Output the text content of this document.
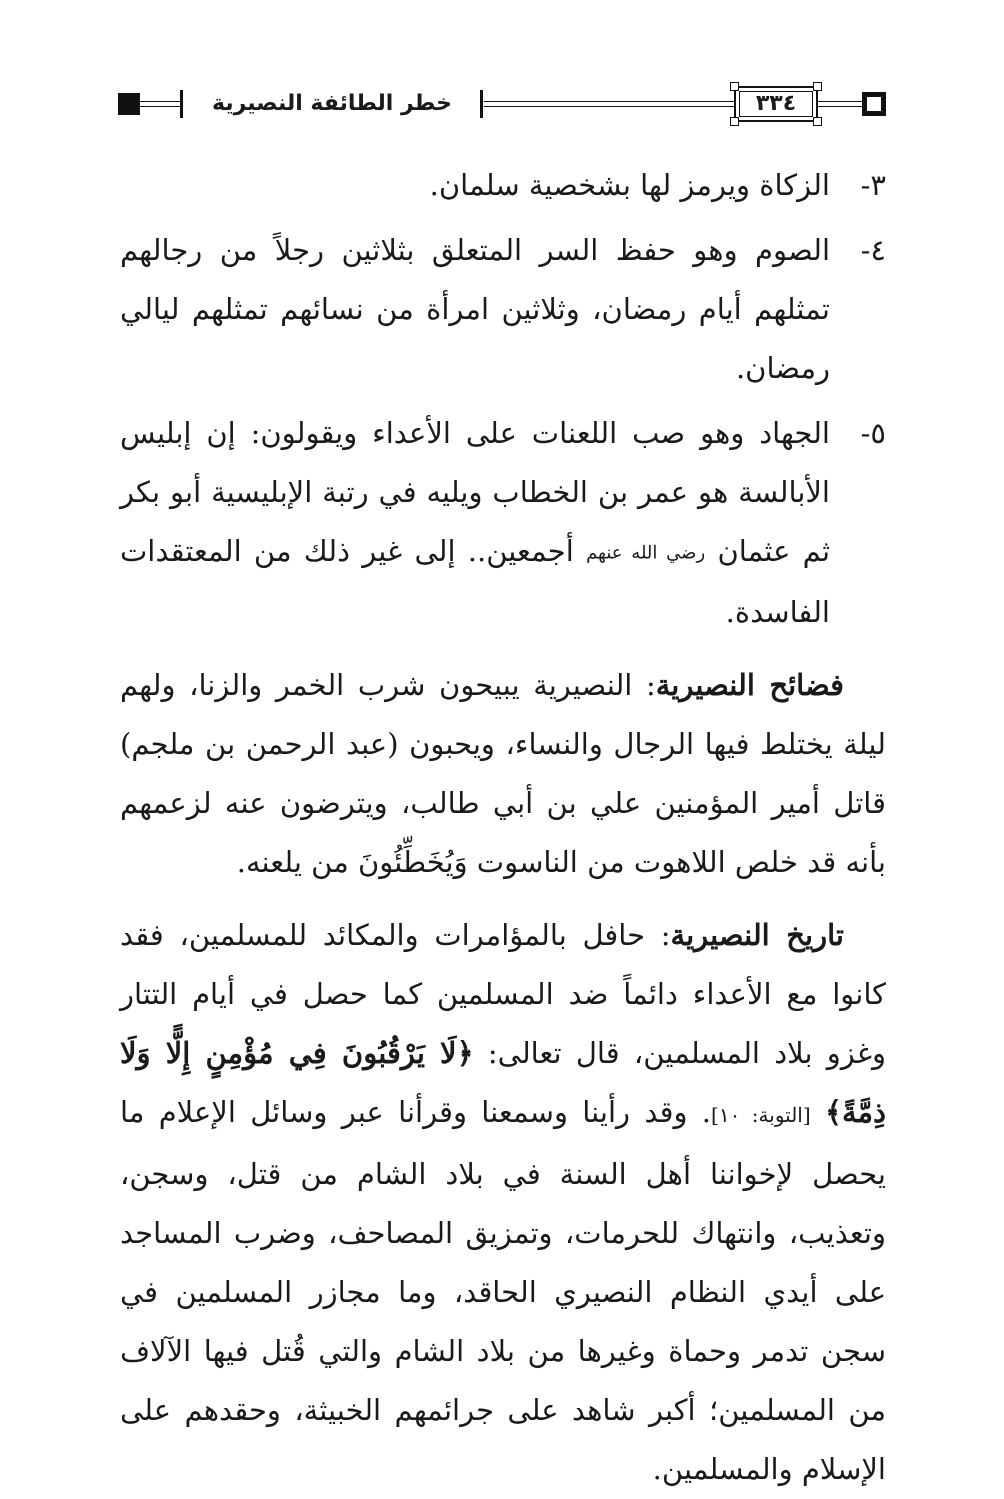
خطر الطائفة النصيرية	٣٣٤
٣-
الزكاة ويرمز لها بشخصية سلمان.
٤-
الصوم وهو حفظ السر المتعلق بثلاثين رجلاً من رجالهم تمثلهم أيام رمضان، وثلاثين امرأة من نسائهم تمثلهم ليالي رمضان.
٥-
الجهاد وهو صب اللعنات على الأعداء ويقولون: إن إبليس الأبالسة هو عمر بن الخطاب ويليه في رتبة الإبليسية أبو بكر ثم عثمان رضي الله عنهم أجمعين.. إلى غير ذلك من المعتقدات الفاسدة.

فضائح النصيرية: النصيرية يبيحون شرب الخمر والزنا، ولهم ليلة يختلط فيها الرجال والنساء، ويحبون (عبد الرحمن بن ملجم) قاتل أمير المؤمنين علي بن أبي طالب، ويترضون عنه لزعمهم بأنه قد خلص اللاهوت من الناسوت وَيُخَطِّئُونَ من يلعنه.

تاريخ النصيرية: حافل بالمؤامرات والمكائد للمسلمين، فقد كانوا مع الأعداء دائماً ضد المسلمين كما حصل في أيام التتار وغزو بلاد المسلمين، قال تعالى: ﴿لَا يَرْقُبُونَ فِي مُؤْمِنٍ إِلًّا وَلَا ذِمَّةً﴾ [التوبة: ١٠]. وقد رأينا وسمعنا وقرأنا عبر وسائل الإعلام ما يحصل لإخواننا أهل السنة في بلاد الشام من قتل، وسجن، وتعذيب، وانتهاك للحرمات، وتمزيق المصاحف، وضرب المساجد على أيدي النظام النصيري الحاقد، وما مجازر المسلمين في سجن تدمر وحماة وغيرها من بلاد الشام والتي قُتل فيها الآلاف من المسلمين؛ أكبر شاهد على جرائمهم الخبيثة، وحقدهم على الإسلام والمسلمين.
